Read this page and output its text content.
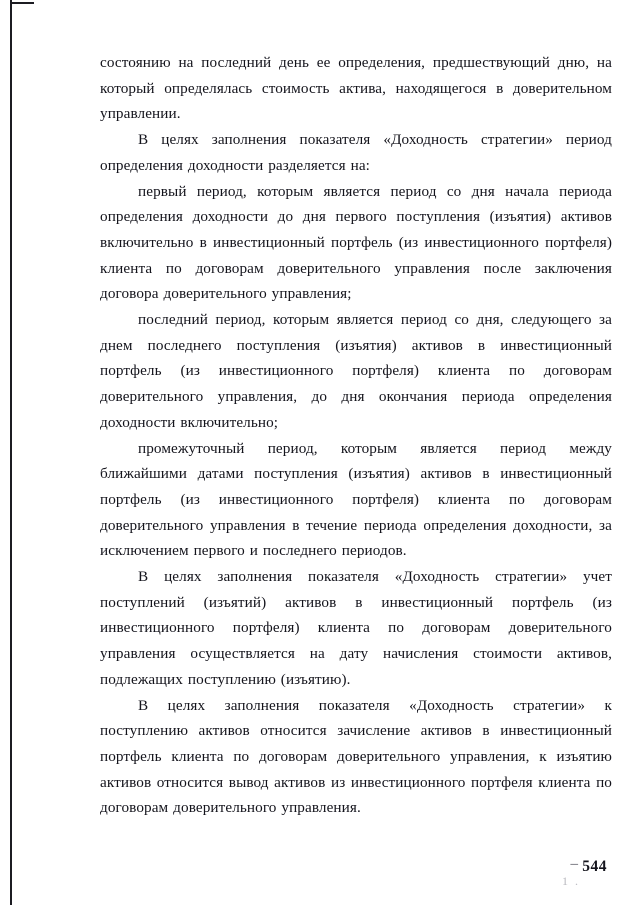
состоянию на последний день ее определения, предшествующий дню, на который определялась стоимость актива, находящегося в доверительном управлении.

В целях заполнения показателя «Доходность стратегии» период определения доходности разделяется на:

первый период, которым является период со дня начала периода определения доходности до дня первого поступления (изъятия) активов включительно в инвестиционный портфель (из инвестиционного портфеля) клиента по договорам доверительного управления после заключения договора доверительного управления;

последний период, которым является период со дня, следующего за днем последнего поступления (изъятия) активов в инвестиционный портфель (из инвестиционного портфеля) клиента по договорам доверительного управления, до дня окончания периода определения доходности включительно;

промежуточный период, которым является период между ближайшими датами поступления (изъятия) активов в инвестиционный портфель (из инвестиционного портфеля) клиента по договорам доверительного управления в течение периода определения доходности, за исключением первого и последнего периодов.

В целях заполнения показателя «Доходность стратегии» учет поступлений (изъятий) активов в инвестиционный портфель (из инвестиционного портфеля) клиента по договорам доверительного управления осуществляется на дату начисления стоимости активов, подлежащих поступлению (изъятию).

В целях заполнения показателя «Доходность стратегии» к поступлению активов относится зачисление активов в инвестиционный портфель клиента по договорам доверительного управления, к изъятию активов относится вывод активов из инвестиционного портфеля клиента по договорам доверительного управления.

– 544
1 .
